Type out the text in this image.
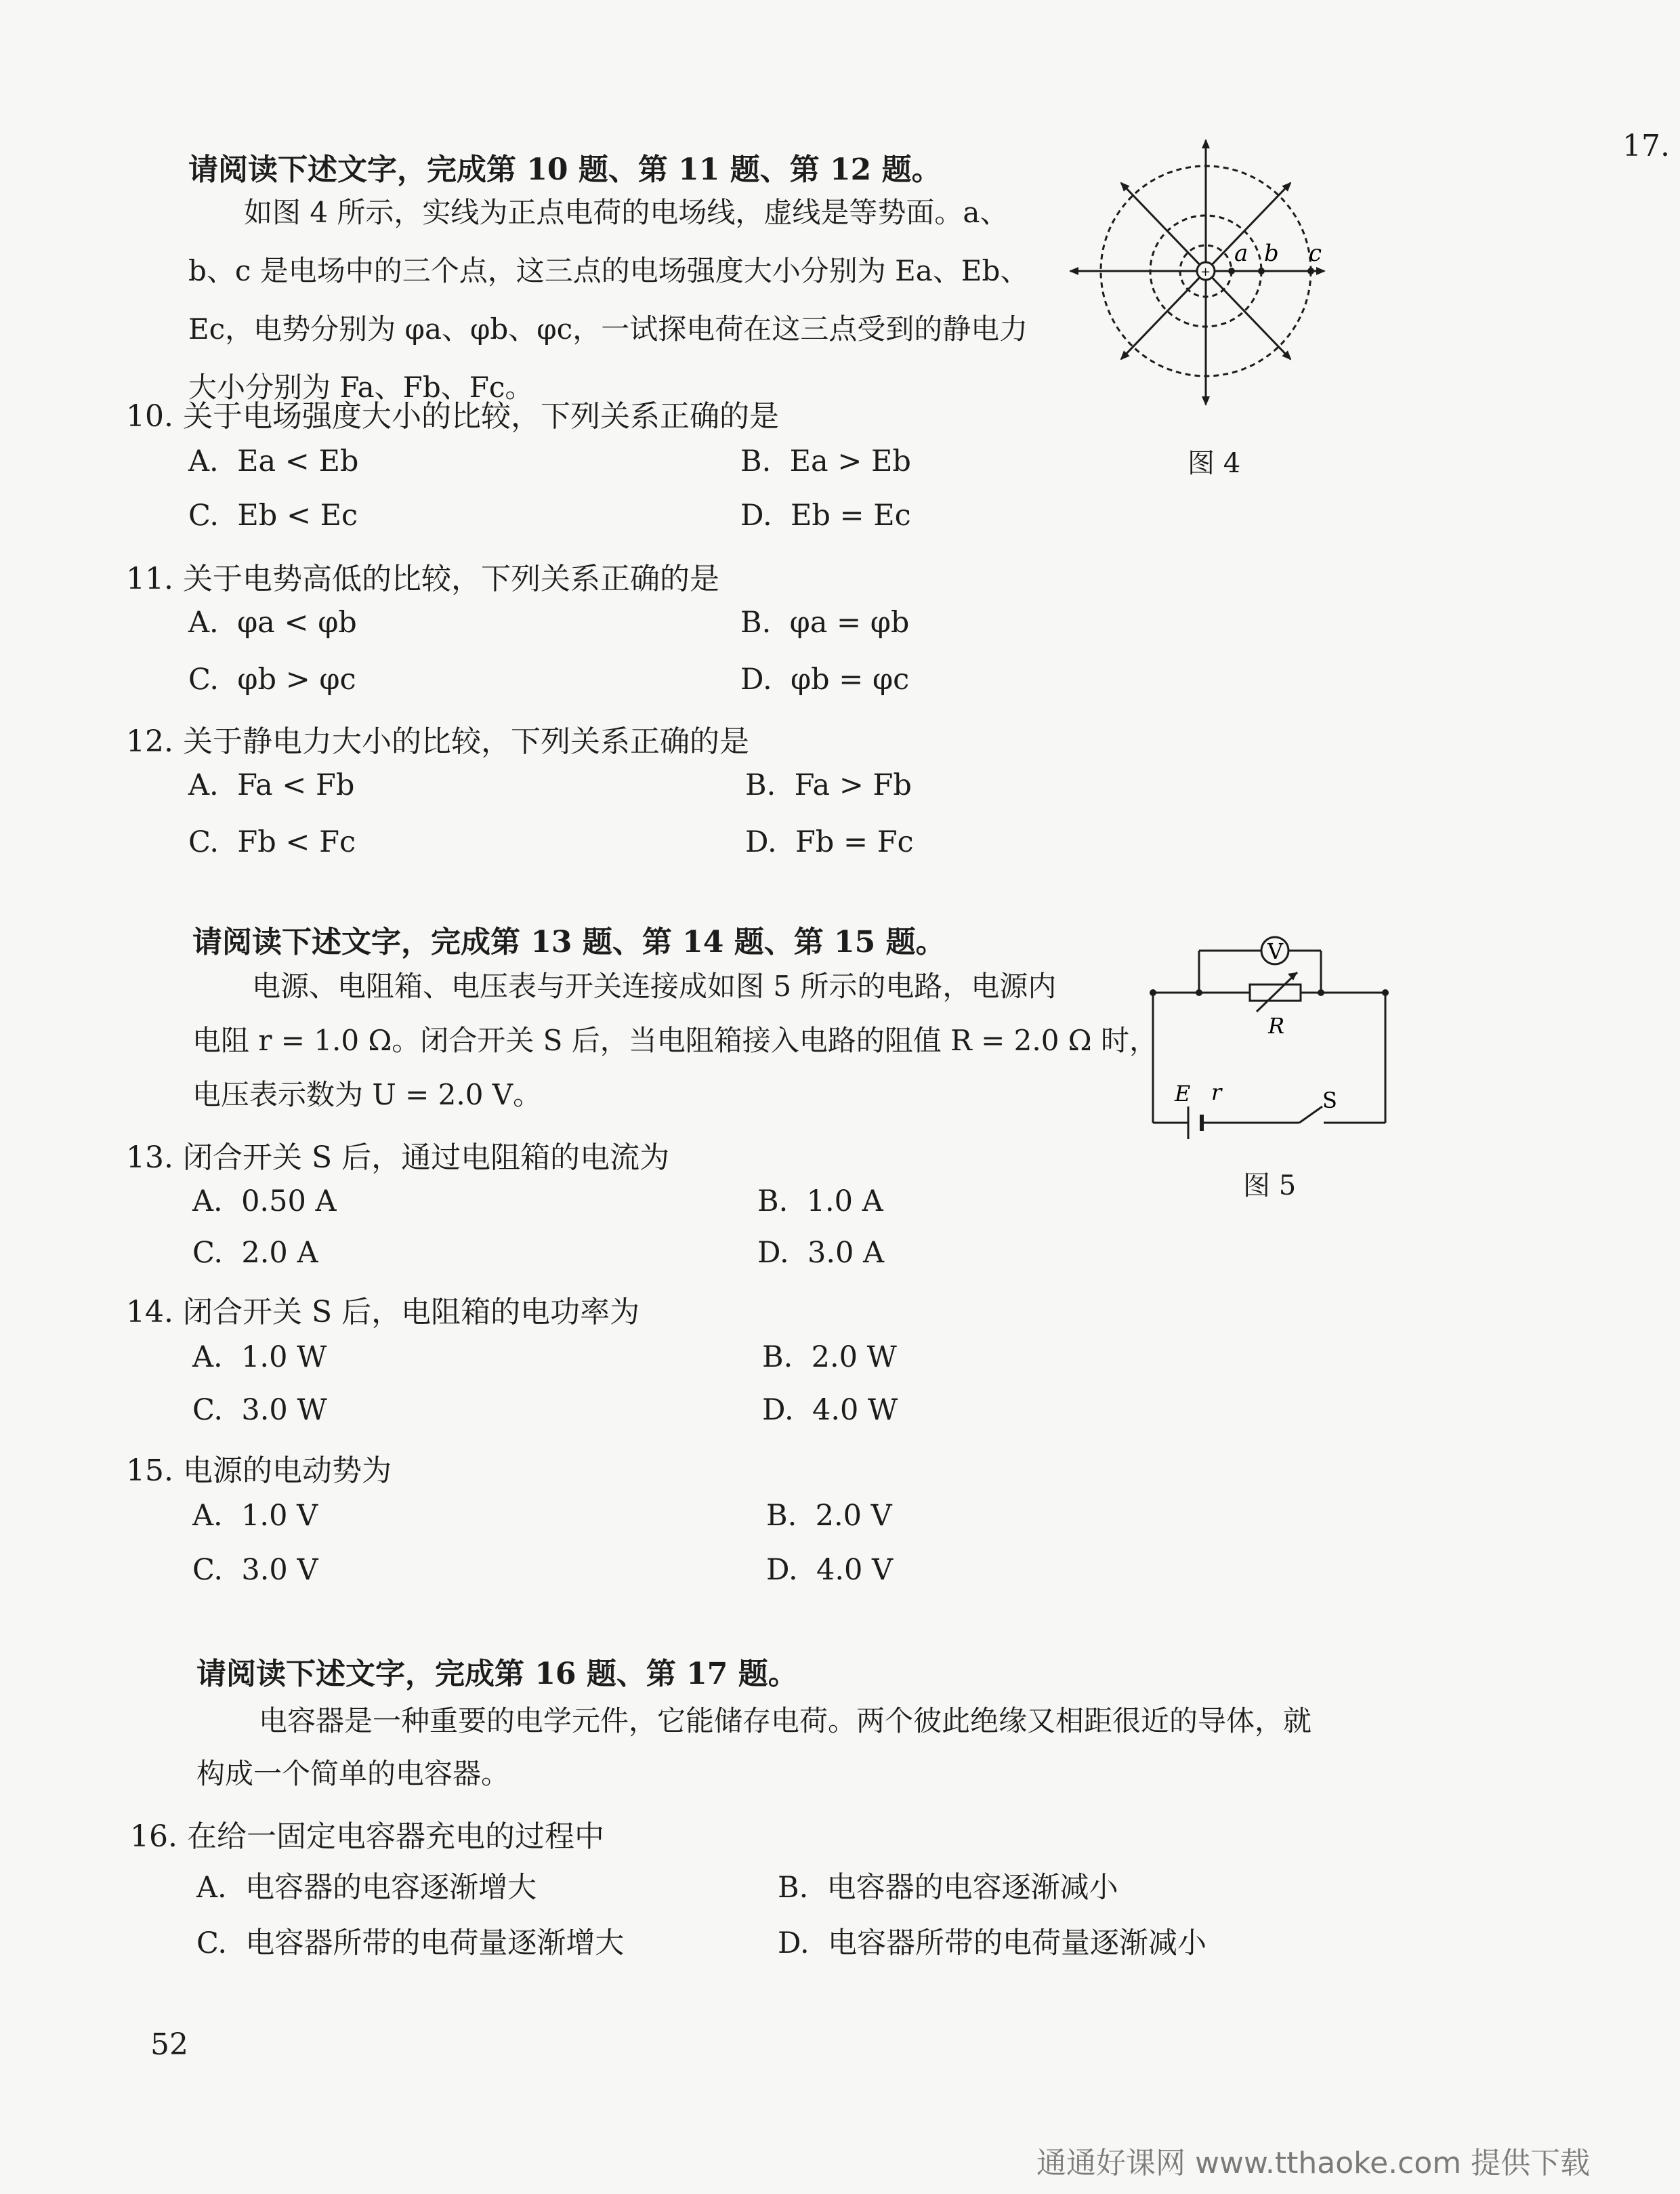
17.
请阅读下述文字，完成第 10 题、第 11 题、第 12 题。
如图 4 所示，实线为正点电荷的电场线，虚线是等势面。a、
b、c 是电场中的三个点，这三点的电场强度大小分别为 Ea、Eb、
Ec，电势分别为 φa、φb、φc，一试探电荷在这三点受到的静电力
大小分别为 Fa、Fb、Fc。
+
a b c
图 4
10. 关于电场强度大小的比较，下列关系正确的是
A. Ea < Eb	B. Ea > Eb
C. Eb < Ec	D. Eb = Ec
11. 关于电势高低的比较，下列关系正确的是
A. φa < φb	B. φa = φb
C. φb > φc	D. φb = φc
12. 关于静电力大小的比较，下列关系正确的是
A. Fa < Fb	B. Fa > Fb
C. Fb < Fc	D. Fb = Fc
请阅读下述文字，完成第 13 题、第 14 题、第 15 题。
电源、电阻箱、电压表与开关连接成如图 5 所示的电路，电源内
电阻 r = 1.0 Ω。闭合开关 S 后，当电阻箱接入电路的阻值 R = 2.0 Ω 时，
电压表示数为 U = 2.0 V。
V
R
E r	S
图 5
13. 闭合开关 S 后，通过电阻箱的电流为
A. 0.50 A	B. 1.0 A
C. 2.0 A	D. 3.0 A
14. 闭合开关 S 后，电阻箱的电功率为
A. 1.0 W	B. 2.0 W
C. 3.0 W	D. 4.0 W
15. 电源的电动势为
A. 1.0 V	B. 2.0 V
C. 3.0 V	D. 4.0 V
请阅读下述文字，完成第 16 题、第 17 题。
电容器是一种重要的电学元件，它能储存电荷。两个彼此绝缘又相距很近的导体，就
构成一个简单的电容器。
16. 在给一固定电容器充电的过程中
A. 电容器的电容逐渐增大	B. 电容器的电容逐渐减小
C. 电容器所带的电荷量逐渐增大	D. 电容器所带的电荷量逐渐减小
52
通通好课网 www.tthaoke.com 提供下载
